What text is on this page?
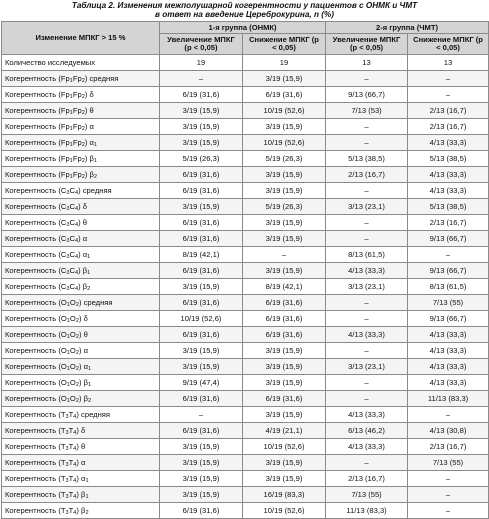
Таблица 2. Изменения межполушарной когерентности у пациентов с ОНМК и ЧМТ
в ответ на введение Цереброкурина, n (%)
Изменение МПКГ > 15 %	1-я группа (ОНМК)		2-я группа (ЧМТ)	
	Увеличение МПКГ (p < 0,05)	Снижение МПКГ (p < 0,05)	Увеличение МПКГ (p < 0,05)	Снижение МПКГ (p < 0,05)
Количество исследуемых	19	19	13	13
Когерентность $(Fp_1Fp_2)$ средняя	–	3/19 (15,9)	–	–
Когерентность $(Fp_1Fp_2)$ δ	6/19 (31,6)	6/19 (31,6)	9/13 (66,7)	–
Когерентность $(Fp_1Fp_2)$ θ	3/19 (15,9)	10/19 (52,6)	7/13 (53)	2/13 (16,7)
Когерентность $(Fp_1Fp_2)$ α	3/19 (15,9)	3/19 (15,9)	–	2/13 (16,7)
Когерентность $(Fp_1Fp_2)$ $\alpha_1$	3/19 (15,9)	10/19 (52,6)	–	4/13 (33,3)
Когерентность $(Fp_1Fp_2)$ $\beta_1$	5/19 (26,3)	5/19 (26,3)	5/13 (38,5)	5/13 (38,5)
Когерентность $(Fp_1Fp_2)$ $\beta_2$	6/19 (31,6)	3/19 (15,9)	2/13 (16,7)	4/13 (33,3)
Когерентность $(C_3C_4)$ средняя	6/19 (31,6)	3/19 (15,9)	–	4/13 (33,3)
Когерентность $(C_3C_4)$ δ	3/19 (15,9)	5/19 (26,3)	3/13 (23,1)	5/13 (38,5)
Когерентность $(C_3C_4)$ θ	6/19 (31,6)	3/19 (15,9)	–	2/13 (16,7)
Когерентность $(C_3C_4)$ α	6/19 (31,6)	3/19 (15,9)	–	9/13 (66,7)
Когерентность $(C_3C_4)$ $\alpha_1$	8/19 (42,1)	–	8/13 (61,5)	–
Когерентность $(C_3C_4)$ $\beta_1$	6/19 (31,6)	3/19 (15,9)	4/13 (33,3)	9/13 (66,7)
Когерентность $(C_3C_4)$ $\beta_2$	3/19 (15,9)	8/19 (42,1)	3/13 (23,1)	8/13 (61,5)
Когерентность $(O_1O_2)$ средняя	6/19 (31,6)	6/19 (31,6)	–	7/13 (55)
Когерентность $(O_1O_2)$ δ	10/19 (52,6)	6/19 (31,6)	–	9/13 (66,7)
Когерентность $(O_1O_2)$ θ	6/19 (31,6)	6/19 (31,6)	4/13 (33,3)	4/13 (33,3)
Когерентность $(O_1O_2)$ α	3/19 (15,9)	3/19 (15,9)	–	4/13 (33,3)
Когерентность $(O_1O_2)$ $\alpha_1$	3/19 (15,9)	3/19 (15,9)	3/13 (23,1)	4/13 (33,3)
Когерентность $(O_1O_2)$ $\beta_1$	9/19 (47,4)	3/19 (15,9)	–	4/13 (33,3)
Когерентность $(O_1O_2)$ $\beta_2$	6/19 (31,6)	6/19 (31,6)	–	11/13 (83,3)
Когерентность $(T_3T_4)$ средняя	–	3/19 (15,9)	4/13 (33,3)	–
Когерентность $(T_3T_4)$ δ	6/19 (31,6)	4/19 (21,1)	6/13 (46,2)	4/13 (30,8)
Когерентность $(T_3T_4)$ θ	3/19 (15,9)	10/19 (52,6)	4/13 (33,3)	2/13 (16,7)
Когерентность $(T_3T_4)$ α	3/19 (15,9)	3/19 (15,9)	–	7/13 (55)
Когерентность $(T_3T_4)$ $\alpha_1$	3/19 (15,9)	3/19 (15,9)	2/13 (16,7)	–
Когерентность $(T_3T_4)$ $\beta_1$	3/19 (15,9)	16/19 (83,3)	7/13 (55)	–
Когерентность $(T_3T_4)$ $\beta_2$	6/19 (31,6)	10/19 (52,6)	11/13 (83,3)	–
